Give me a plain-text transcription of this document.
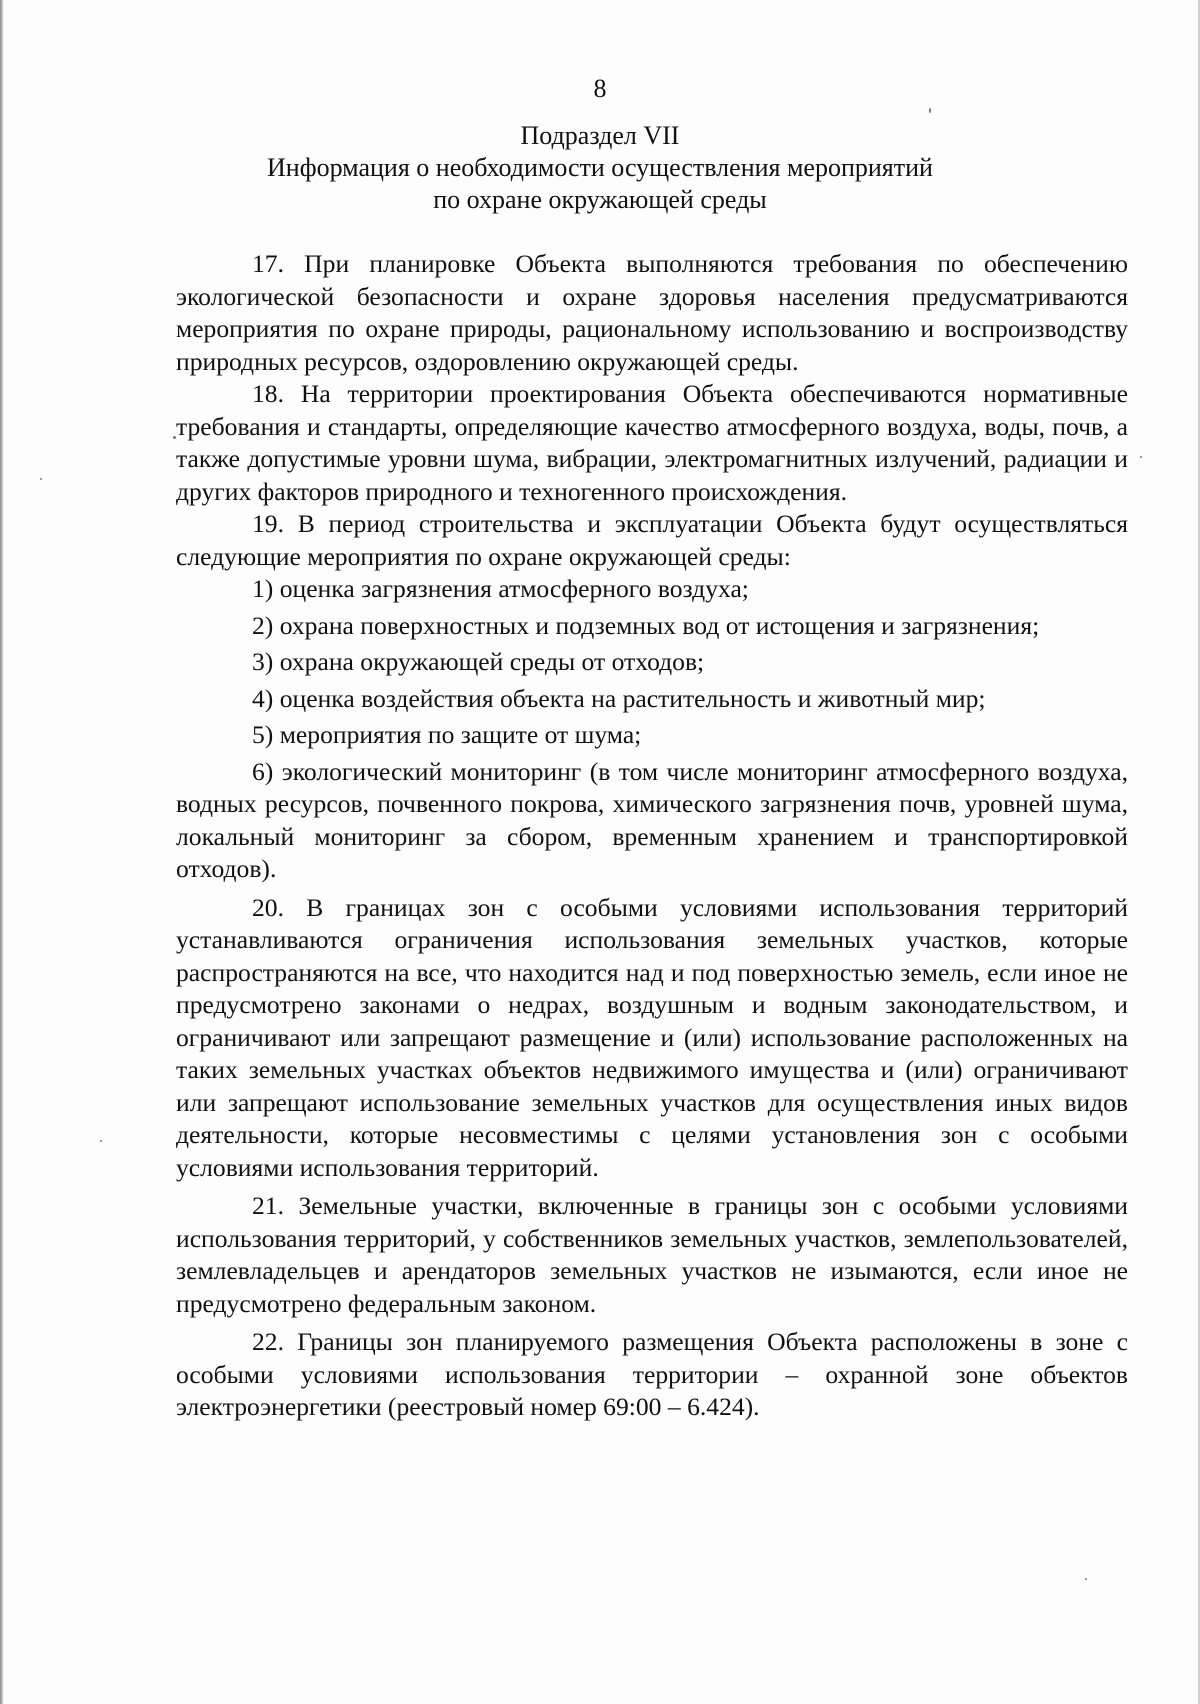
8
Подраздел VII
Информация о необходимости осуществления мероприятий
по охране окружающей среды

17. При планировке Объекта выполняются требования по обеспечению экологической безопасности и охране здоровья населения предусматриваются мероприятия по охране природы, рациональному использованию и воспроизводству природных ресурсов, оздоровлению окружающей среды.

18. На территории проектирования Объекта обеспечиваются нормативные требования и стандарты, определяющие качество атмосферного воздуха, воды, почв, а также допустимые уровни шума, вибрации, электромагнитных излучений, радиации и других факторов природного и техногенного происхождения.

19. В период строительства и эксплуатации Объекта будут осуществляться следующие мероприятия по охране окружающей среды:

1) оценка загрязнения атмосферного воздуха;

2) охрана поверхностных и подземных вод от истощения и загрязнения;

3) охрана окружающей среды от отходов;

4) оценка воздействия объекта на растительность и животный мир;

5) мероприятия по защите от шума;

6) экологический мониторинг (в том числе мониторинг атмосферного воздуха, водных ресурсов, почвенного покрова, химического загрязнения почв, уровней шума, локальный мониторинг за сбором, временным хранением и транспортировкой отходов).

20. В границах зон с особыми условиями использования территорий устанавливаются ограничения использования земельных участков, которые распространяются на все, что находится над и под поверхностью земель, если иное не предусмотрено законами о недрах, воздушным и водным законодательством, и ограничивают или запрещают размещение и (или) использование расположенных на таких земельных участках объектов недвижимого имущества и (или) ограничивают или запрещают использование земельных участков для осуществления иных видов деятельности, которые несовместимы с целями установления зон с особыми условиями использования территорий.

21. Земельные участки, включенные в границы зон с особыми условиями использования территорий, у собственников земельных участков, землепользователей, землевладельцев и арендаторов земельных участков не изымаются, если иное не предусмотрено федеральным законом.

22. Границы зон планируемого размещения Объекта расположены в зоне с особыми условиями использования территории – охранной зоне объектов электроэнергетики (реестровый номер 69:00 – 6.424).
